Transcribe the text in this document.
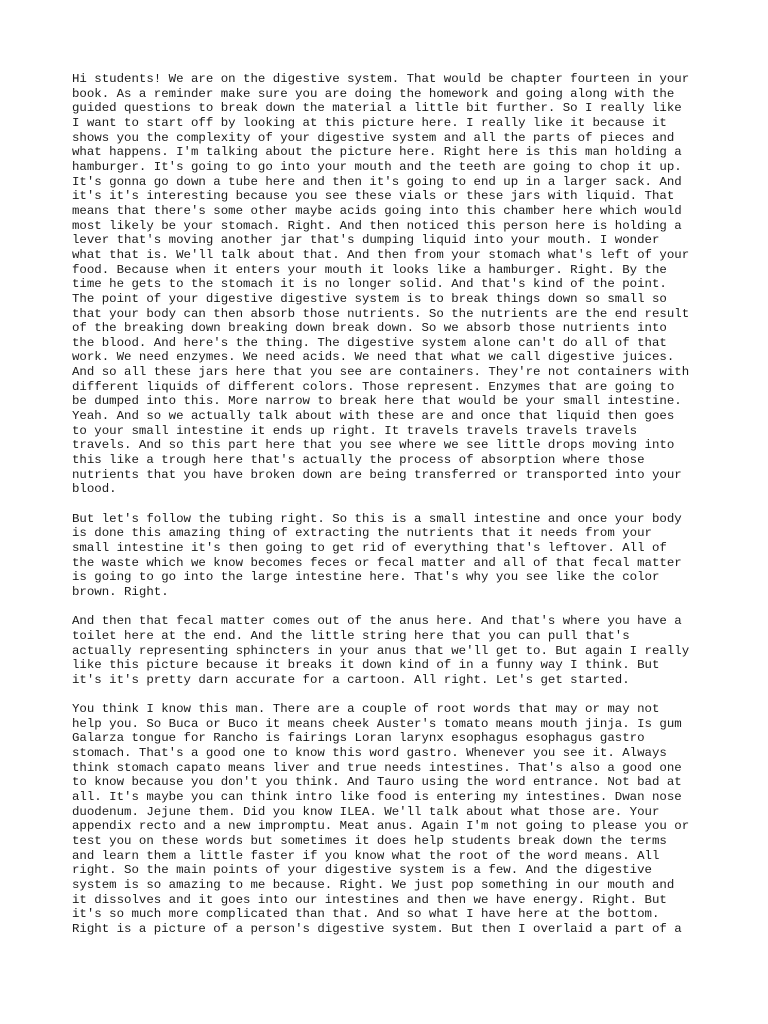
Hi students! We are on the digestive system. That would be chapter fourteen in your
book. As a reminder make sure you are doing the homework and going along with the
guided questions to break down the material a little bit further. So I really like
I want to start off by looking at this picture here. I really like it because it
shows you the complexity of your digestive system and all the parts of pieces and
what happens. I'm talking about the picture here. Right here is this man holding a
hamburger. It's going to go into your mouth and the teeth are going to chop it up.
It's gonna go down a tube here and then it's going to end up in a larger sack. And
it's it's interesting because you see these vials or these jars with liquid. That
means that there's some other maybe acids going into this chamber here which would
most likely be your stomach. Right. And then noticed this person here is holding a
lever that's moving another jar that's dumping liquid into your mouth. I wonder
what that is. We'll talk about that. And then from your stomach what's left of your
food. Because when it enters your mouth it looks like a hamburger. Right. By the
time he gets to the stomach it is no longer solid. And that's kind of the point.
The point of your digestive digestive system is to break things down so small so
that your body can then absorb those nutrients. So the nutrients are the end result
of the breaking down breaking down break down. So we absorb those nutrients into
the blood. And here's the thing. The digestive system alone can't do all of that
work. We need enzymes. We need acids. We need that what we call digestive juices.
And so all these jars here that you see are containers. They're not containers with
different liquids of different colors. Those represent. Enzymes that are going to
be dumped into this. More narrow to break here that would be your small intestine.
Yeah. And so we actually talk about with these are and once that liquid then goes
to your small intestine it ends up right. It travels travels travels travels
travels. And so this part here that you see where we see little drops moving into
this like a trough here that's actually the process of absorption where those
nutrients that you have broken down are being transferred or transported into your
blood.

But let's follow the tubing right. So this is a small intestine and once your body
is done this amazing thing of extracting the nutrients that it needs from your
small intestine it's then going to get rid of everything that's leftover. All of
the waste which we know becomes feces or fecal matter and all of that fecal matter
is going to go into the large intestine here. That's why you see like the color
brown. Right.

And then that fecal matter comes out of the anus here. And that's where you have a
toilet here at the end. And the little string here that you can pull that's
actually representing sphincters in your anus that we'll get to. But again I really
like this picture because it breaks it down kind of in a funny way I think. But
it's it's pretty darn accurate for a cartoon. All right. Let's get started.

You think I know this man. There are a couple of root words that may or may not
help you. So Buca or Buco it means cheek Auster's tomato means mouth jinja. Is gum
Galarza tongue for Rancho is fairings Loran larynx esophagus esophagus gastro
stomach. That's a good one to know this word gastro. Whenever you see it. Always
think stomach capato means liver and true needs intestines. That's also a good one
to know because you don't you think. And Tauro using the word entrance. Not bad at
all. It's maybe you can think intro like food is entering my intestines. Dwan nose
duodenum. Jejune them. Did you know ILEA. We'll talk about what those are. Your
appendix recto and a new impromptu. Meat anus. Again I'm not going to please you or
test you on these words but sometimes it does help students break down the terms
and learn them a little faster if you know what the root of the word means. All
right. So the main points of your digestive system is a few. And the digestive
system is so amazing to me because. Right. We just pop something in our mouth and
it dissolves and it goes into our intestines and then we have energy. Right. But
it's so much more complicated than that. And so what I have here at the bottom.
Right is a picture of a person's digestive system. But then I overlaid a part of a
